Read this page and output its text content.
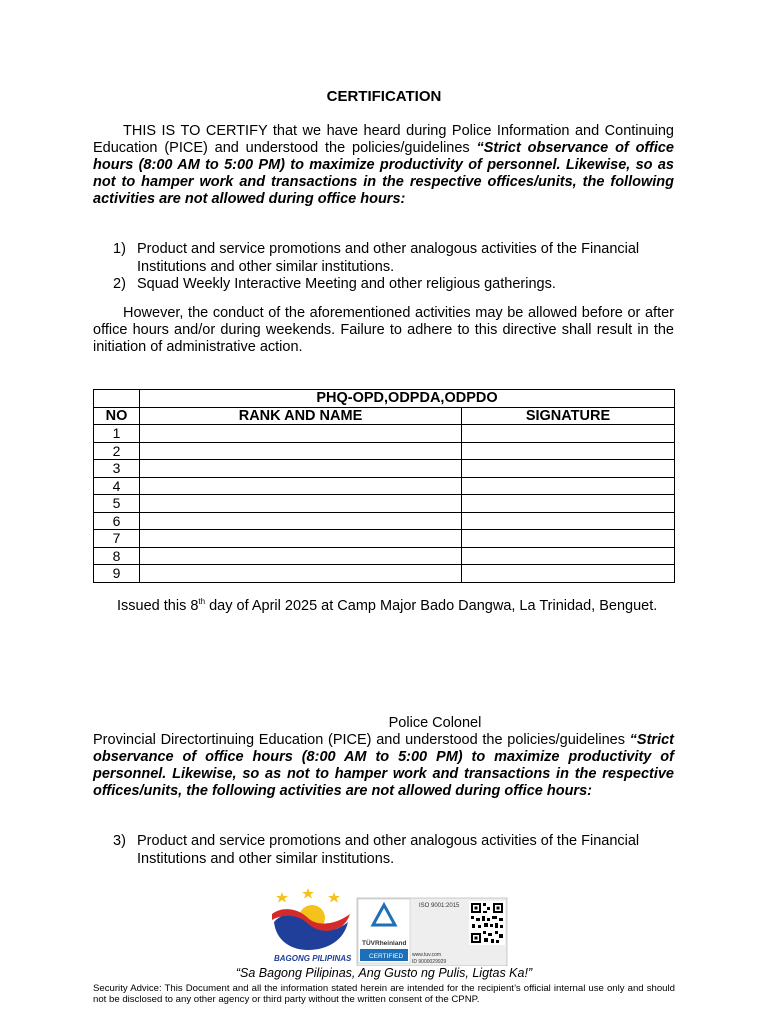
CERTIFICATION
THIS IS TO CERTIFY that we have heard during Police Information and Continuing Education (PICE) and understood the policies/guidelines “Strict observance of office hours (8:00 AM to 5:00 PM) to maximize productivity of personnel. Likewise, so as not to hamper work and transactions in the respective offices/units, the following activities are not allowed during office hours:
1) Product and service promotions and other analogous activities of the Financial Institutions and other similar institutions.
2) Squad Weekly Interactive Meeting and other religious gatherings.
However, the conduct of the aforementioned activities may be allowed before or after office hours and/or during weekends. Failure to adhere to this directive shall result in the initiation of administrative action.
	PHQ-OPD,ODPDA,ODPDO	
NO	RANK AND NAME	SIGNATURE
1		
2		
3		
4		
5		
6		
7		
8		
9		
Issued this 8th day of April 2025 at Camp Major Bado Dangwa, La Trinidad, Benguet.
Police Colonel
Provincial Directortinuing Education (PICE) and understood the policies/guidelines “Strict observance of office hours (8:00 AM to 5:00 PM) to maximize productivity of personnel. Likewise, so as not to hamper work and transactions in the respective offices/units, the following activities are not allowed during office hours:
3) Product and service promotions and other analogous activities of the Financial Institutions and other similar institutions.
BAGONG PILIPINAS
TÜVRheinland
CERTIFIED
ISO 9001:2015
www.tuv.com
ID 9000029929
“Sa Bagong Pilipinas, Ang Gusto ng Pulis, Ligtas Ka!”
Security Advice: This Document and all the information stated herein are intended for the recipient’s official internal use only and should not be disclosed to any other agency or third party without the written consent of the CPNP.
